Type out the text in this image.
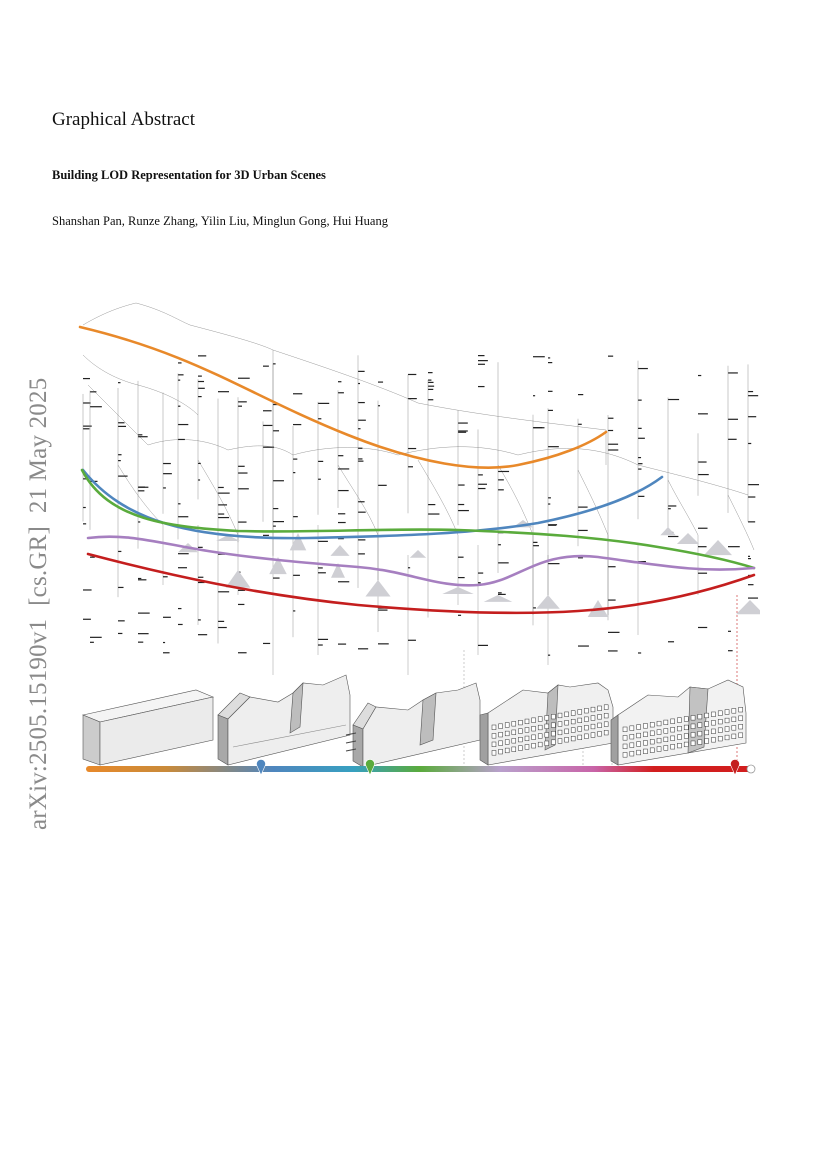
Graphical Abstract
Building LOD Representation for 3D Urban Scenes
Shanshan Pan, Runze Zhang, Yilin Liu, Minglun Gong, Hui Huang
arXiv:2505.15190v1  [cs.GR]  21 May 2025
